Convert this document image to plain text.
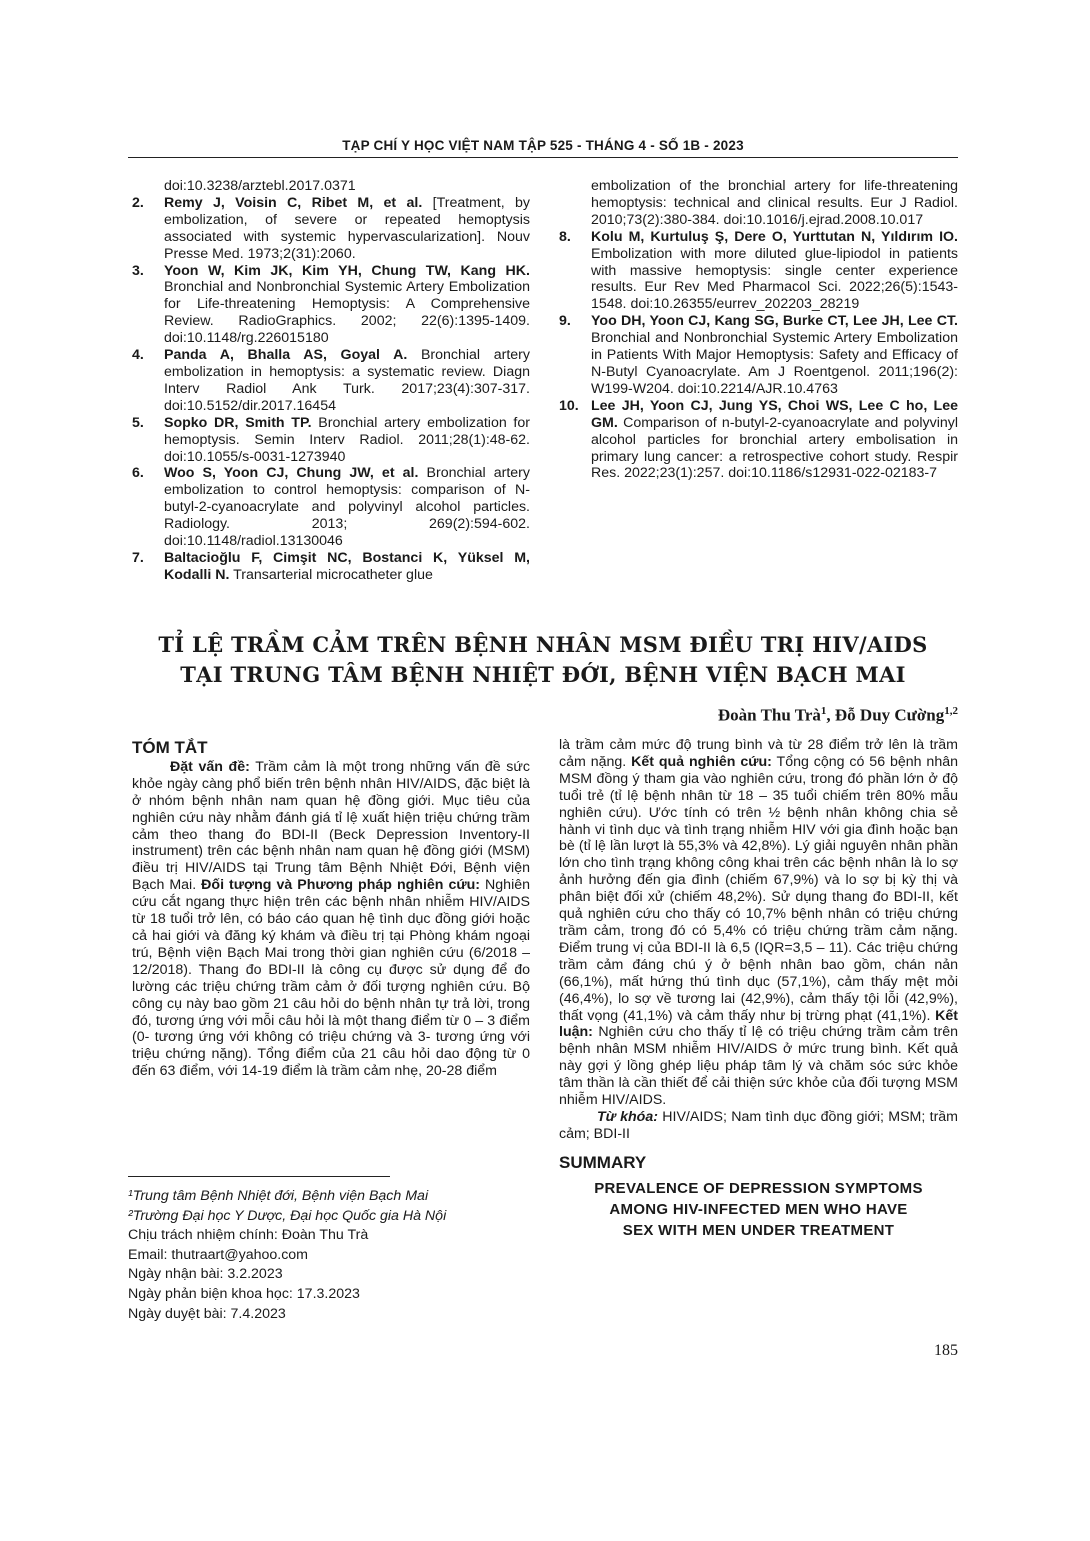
TẠP CHÍ Y HỌC VIỆT NAM TẬP 525 - THÁNG 4 - SỐ 1B - 2023
doi:10.3238/arztebl.2017.0371
2.	Remy J, Voisin C, Ribet M, et al. [Treatment, by embolization, of severe or repeated hemoptysis associated with systemic hypervascularization]. Nouv Presse Med. 1973;2(31):2060.
3.	Yoon W, Kim JK, Kim YH, Chung TW, Kang HK. Bronchial and Nonbronchial Systemic Artery Embolization for Life-threatening Hemoptysis: A Comprehensive Review. RadioGraphics. 2002; 22(6):1395-1409. doi:10.1148/rg.226015180
4.	Panda A, Bhalla AS, Goyal A. Bronchial artery embolization in hemoptysis: a systematic review. Diagn Interv Radiol Ank Turk. 2017;23(4):307-317. doi:10.5152/dir.2017.16454
5.	Sopko DR, Smith TP. Bronchial artery embolization for hemoptysis. Semin Interv Radiol. 2011;28(1):48-62. doi:10.1055/s-0031-1273940
6.	Woo S, Yoon CJ, Chung JW, et al. Bronchial artery embolization to control hemoptysis: comparison of N-butyl-2-cyanoacrylate and polyvinyl alcohol particles. Radiology. 2013; 269(2):594-602. doi:10.1148/radiol.13130046
7.	Baltacioğlu F, Cimşit NC, Bostanci K, Yüksel M, Kodalli N. Transarterial microcatheter glue
embolization of the bronchial artery for life-threatening hemoptysis: technical and clinical results. Eur J Radiol. 2010;73(2):380-384. doi:10.1016/j.ejrad.2008.10.017
8.	Kolu M, Kurtuluş Ş, Dere O, Yurttutan N, Yıldırım IO. Embolization with more diluted glue-lipiodol in patients with massive hemoptysis: single center experience results. Eur Rev Med Pharmacol Sci. 2022;26(5):1543-1548. doi:10.26355/eurrev_202203_28219
9.	Yoo DH, Yoon CJ, Kang SG, Burke CT, Lee JH, Lee CT. Bronchial and Nonbronchial Systemic Artery Embolization in Patients With Major Hemoptysis: Safety and Efficacy of N-Butyl Cyanoacrylate. Am J Roentgenol. 2011;196(2): W199-W204. doi:10.2214/AJR.10.4763
10. Lee JH, Yoon CJ, Jung YS, Choi WS, Lee C ho, Lee GM. Comparison of n-butyl-2-cyanoacrylate and polyvinyl alcohol particles for bronchial artery embolisation in primary lung cancer: a retrospective cohort study. Respir Res. 2022;23(1):257. doi:10.1186/s12931-022-02183-7
TỈ LỆ TRẦM CẢM TRÊN BỆNH NHÂN MSM ĐIỀU TRỊ HIV/AIDS
TẠI TRUNG TÂM BỆNH NHIỆT ĐỚI, BỆNH VIỆN BẠCH MAI
Đoàn Thu Trà$^1$, Đỗ Duy Cường$^{1,2}$
TÓM TẮT
Đặt vấn đề: Trầm cảm là một trong những vấn đề sức khỏe ngày càng phổ biến trên bệnh nhân HIV/AIDS, đặc biệt là ở nhóm bệnh nhân nam quan hệ đồng giới. Mục tiêu của nghiên cứu này nhằm đánh giá tỉ lệ xuất hiện triệu chứng trầm cảm theo thang đo BDI-II (Beck Depression Inventory-II instrument) trên các bệnh nhân nam quan hệ đồng giới (MSM) điều trị HIV/AIDS tại Trung tâm Bệnh Nhiệt Đới, Bệnh viện Bạch Mai. Đối tượng và Phương pháp nghiên cứu: Nghiên cứu cắt ngang thực hiện trên các bệnh nhân nhiễm HIV/AIDS từ 18 tuổi trở lên, có báo cáo quan hệ tình dục đồng giới hoặc cả hai giới và đăng ký khám và điều trị tại Phòng khám ngoại trú, Bệnh viện Bạch Mai trong thời gian nghiên cứu (6/2018 – 12/2018). Thang đo BDI-II là công cụ được sử dụng để đo lường các triệu chứng trầm cảm ở đối tượng nghiên cứu. Bộ công cụ này bao gồm 21 câu hỏi do bệnh nhân tự trả lời, trong đó, tương ứng với mỗi câu hỏi là một thang điểm từ 0 – 3 điểm (0- tương ứng với không có triệu chứng và 3- tương ứng với triệu chứng nặng). Tổng điểm của 21 câu hỏi dao động từ 0 đến 63 điểm, với 14-19 điểm là trầm cảm nhẹ, 20-28 điểm
¹Trung tâm Bệnh Nhiệt đới, Bệnh viện Bạch Mai
²Trường Đại học Y Dược, Đại học Quốc gia Hà Nội
Chịu trách nhiệm chính: Đoàn Thu Trà
Email: thutraart@yahoo.com
Ngày nhận bài: 3.2.2023
Ngày phản biện khoa học: 17.3.2023
Ngày duyệt bài: 7.4.2023
là trầm cảm mức độ trung bình và từ 28 điểm trở lên là trầm cảm nặng. Kết quả nghiên cứu: Tổng cộng có 56 bệnh nhân MSM đồng ý tham gia vào nghiên cứu, trong đó phần lớn ở độ tuổi trẻ (tỉ lệ bệnh nhân từ 18 – 35 tuổi chiếm trên 80% mẫu nghiên cứu). Ước tính có trên ½ bệnh nhân không chia sẻ hành vi tình dục và tình trạng nhiễm HIV với gia đình hoặc bạn bè (tỉ lệ lần lượt là 55,3% và 42,8%). Lý giải nguyên nhân phần lớn cho tình trạng không công khai trên các bệnh nhân là lo sợ ảnh hưởng đến gia đình (chiếm 67,9%) và lo sợ bị kỳ thị và phân biệt đối xử (chiếm 48,2%). Sử dụng thang đo BDI-II, kết quả nghiên cứu cho thấy có 10,7% bệnh nhân có triệu chứng trầm cảm, trong đó có 5,4% có triệu chứng trầm cảm nặng. Điểm trung vị của BDI-II là 6,5 (IQR=3,5 – 11). Các triệu chứng trầm cảm đáng chú ý ở bệnh nhân bao gồm, chán nản (66,1%), mất hứng thú tình dục (57,1%), cảm thấy mệt mỏi (46,4%), lo sợ về tương lai (42,9%), cảm thấy tội lỗi (42,9%), thất vọng (41,1%) và cảm thấy như bị trừng phạt (41,1%). Kết luận: Nghiên cứu cho thấy tỉ lệ có triệu chứng trầm cảm trên bệnh nhân MSM nhiễm HIV/AIDS ở mức trung bình. Kết quả này gợi ý lồng ghép liệu pháp tâm lý và chăm sóc sức khỏe tâm thần là cần thiết để cải thiện sức khỏe của đối tượng MSM nhiễm HIV/AIDS.
Từ khóa: HIV/AIDS; Nam tình dục đồng giới; MSM; trầm cảm; BDI-II
SUMMARY
PREVALENCE OF DEPRESSION SYMPTOMS
AMONG HIV-INFECTED MEN WHO HAVE
SEX WITH MEN UNDER TREATMENT
185
